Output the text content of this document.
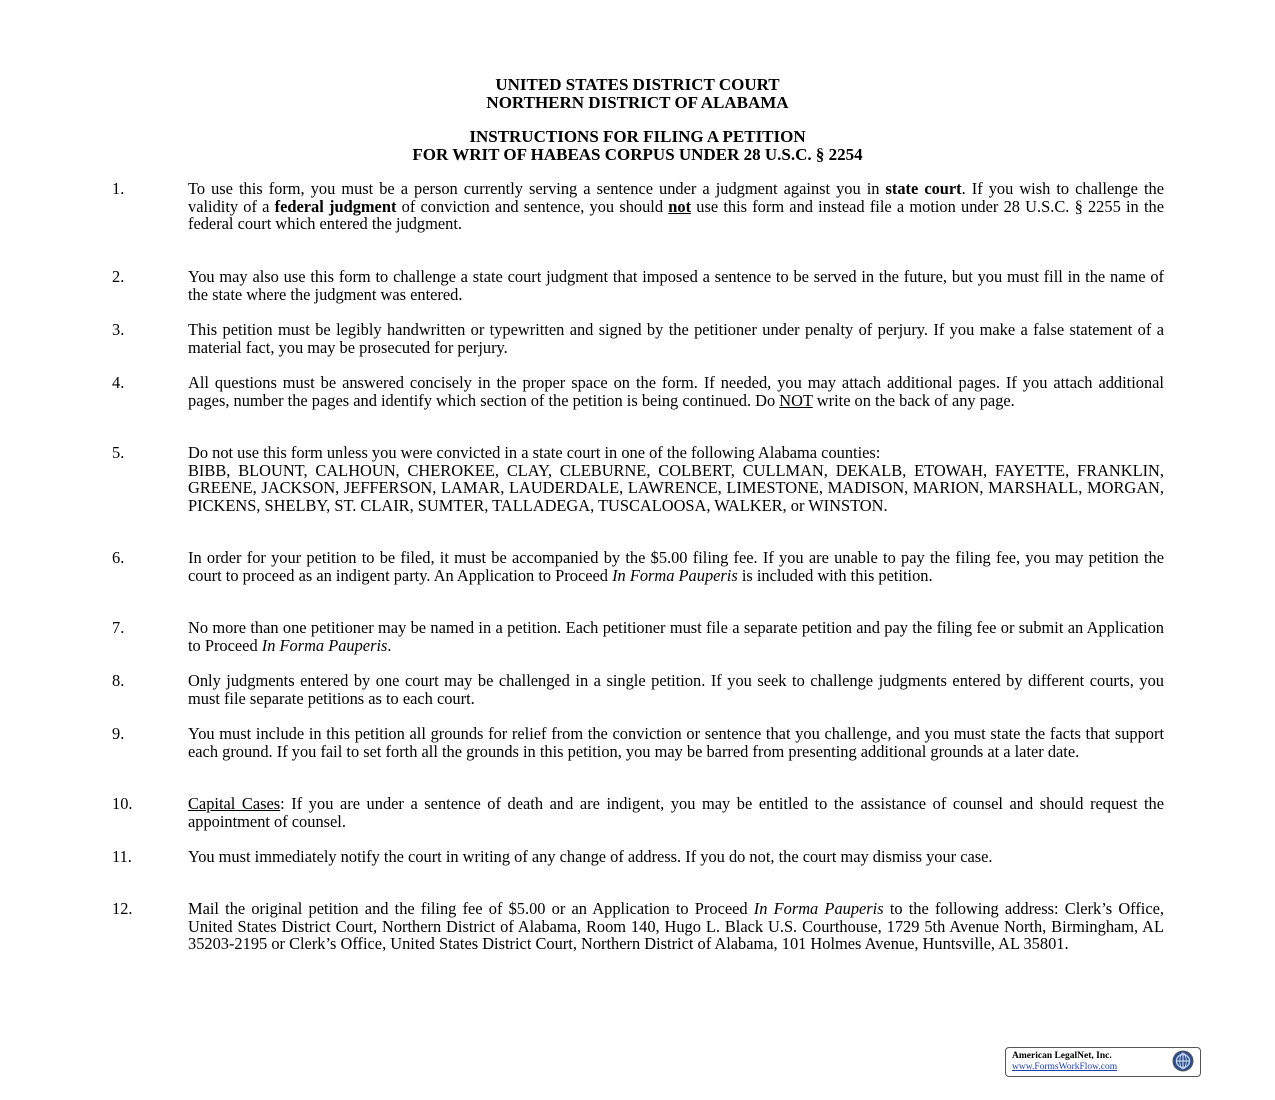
UNITED STATES DISTRICT COURT
NORTHERN DISTRICT OF ALABAMA
INSTRUCTIONS FOR FILING A PETITION
FOR WRIT OF HABEAS CORPUS UNDER 28 U.S.C. § 2254
1.	To use this form, you must be a person currently serving a sentence under a judgment against you in state court. If you wish to challenge the validity of a federal judgment of conviction and sentence, you should not use this form and instead file a motion under 28 U.S.C. § 2255 in the federal court which entered the judgment.
2.	You may also use this form to challenge a state court judgment that imposed a sentence to be served in the future, but you must fill in the name of the state where the judgment was entered.
3.	This petition must be legibly handwritten or typewritten and signed by the petitioner under penalty of perjury. If you make a false statement of a material fact, you may be prosecuted for perjury.
4.	All questions must be answered concisely in the proper space on the form. If needed, you may attach additional pages. If you attach additional pages, number the pages and identify which section of the petition is being continued. Do NOT write on the back of any page.
5.	Do not use this form unless you were convicted in a state court in one of the following Alabama counties:
BIBB, BLOUNT, CALHOUN, CHEROKEE, CLAY, CLEBURNE, COLBERT, CULLMAN, DEKALB, ETOWAH, FAYETTE, FRANKLIN, GREENE, JACKSON, JEFFERSON, LAMAR, LAUDERDALE, LAWRENCE, LIMESTONE, MADISON, MARION, MARSHALL, MORGAN, PICKENS, SHELBY, ST. CLAIR, SUMTER, TALLADEGA, TUSCALOOSA, WALKER, or WINSTON.
6.	In order for your petition to be filed, it must be accompanied by the $5.00 filing fee. If you are unable to pay the filing fee, you may petition the court to proceed as an indigent party. An Application to Proceed In Forma Pauperis is included with this petition.
7.	No more than one petitioner may be named in a petition. Each petitioner must file a separate petition and pay the filing fee or submit an Application to Proceed In Forma Pauperis.
8.	Only judgments entered by one court may be challenged in a single petition. If you seek to challenge judgments entered by different courts, you must file separate petitions as to each court.
9.	You must include in this petition all grounds for relief from the conviction or sentence that you challenge, and you must state the facts that support each ground. If you fail to set forth all the grounds in this petition, you may be barred from presenting additional grounds at a later date.
10.	Capital Cases: If you are under a sentence of death and are indigent, you may be entitled to the assistance of counsel and should request the appointment of counsel.
11.	You must immediately notify the court in writing of any change of address. If you do not, the court may dismiss your case.
12.	Mail the original petition and the filing fee of $5.00 or an Application to Proceed In Forma Pauperis to the following address: Clerk’s Office, United States District Court, Northern District of Alabama, Room 140, Hugo L. Black U.S. Courthouse, 1729 5th Avenue North, Birmingham, AL 35203-2195 or Clerk’s Office, United States District Court, Northern District of Alabama, 101 Holmes Avenue, Huntsville, AL 35801.
American LegalNet, Inc.
www.FormsWorkFlow.com
